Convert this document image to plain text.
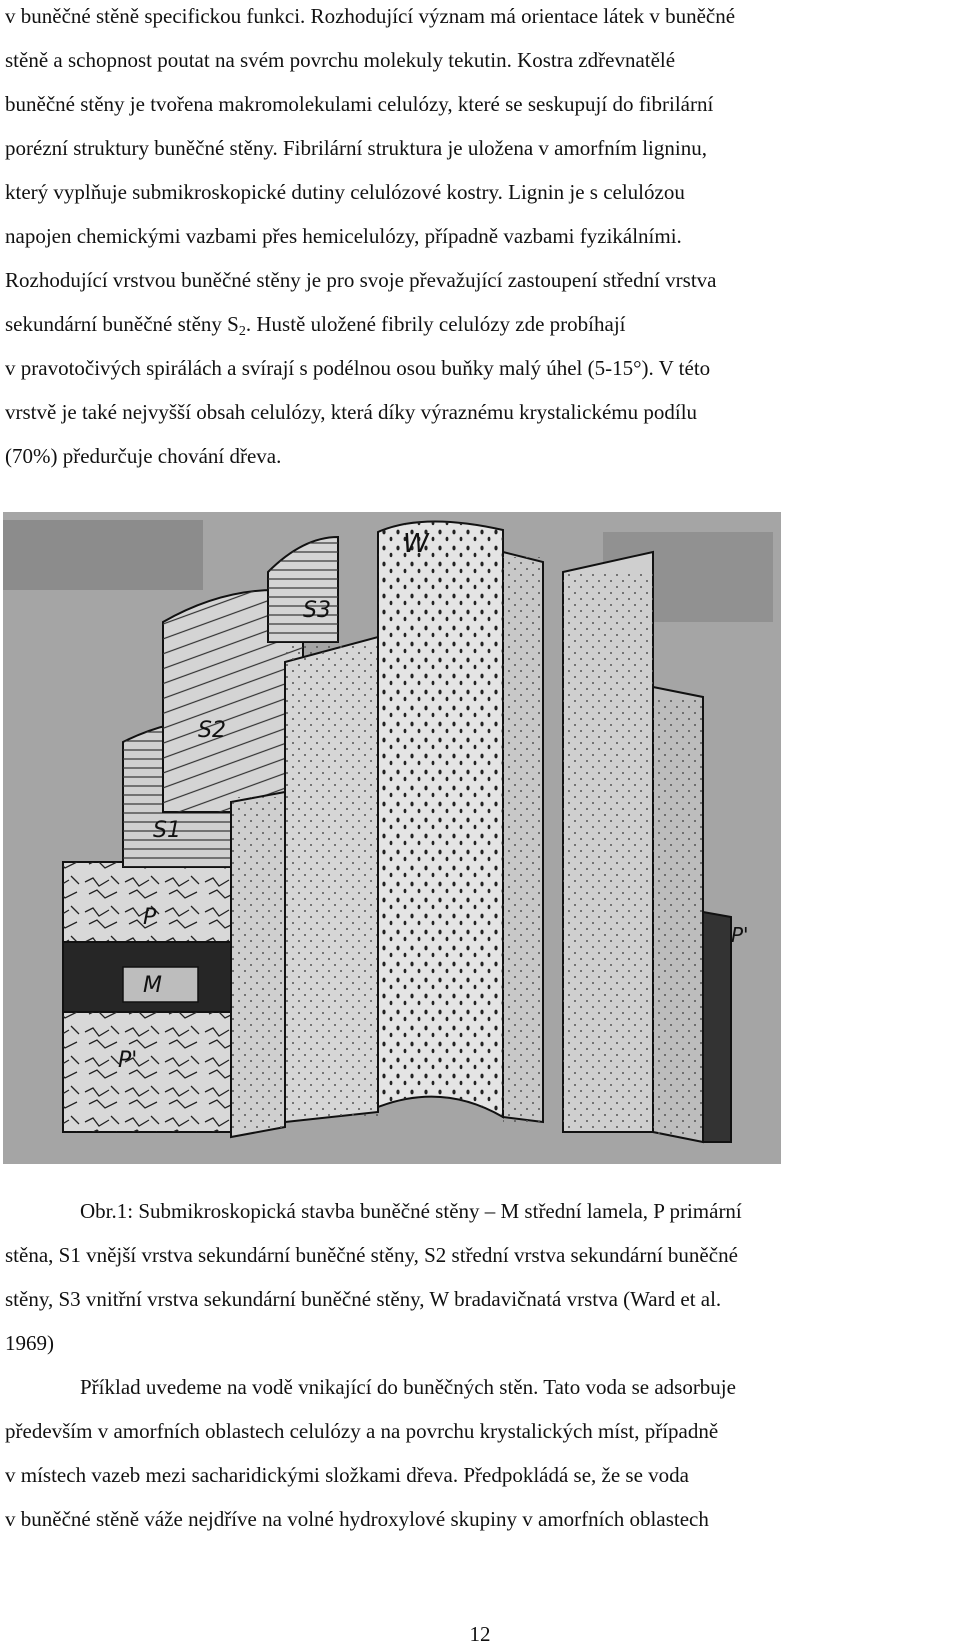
v buněčné stěně specifickou funkci. Rozhodující význam má orientace látek v buněčné
stěně a schopnost poutat na svém povrchu molekuly tekutin. Kostra zdřevnatělé
buněčné stěny je tvořena makromolekulami celulózy, které se seskupují do fibrilární
porézní struktury buněčné stěny. Fibrilární struktura je uložena v amorfním ligninu,
který vyplňuje submikroskopické dutiny celulózové kostry. Lignin je s celulózou
napojen chemickými vazbami přes hemicelulózy, případně vazbami fyzikálními.
Rozhodující vrstvou buněčné stěny je pro svoje převažující zastoupení střední vrstva
sekundární buněčné stěny $S_2$. Hustě uložené fibrily celulózy zde probíhají
v pravotočivých spirálách a svírají s podélnou osou buňky malý úhel (5-15°). V této
vrstvě je také nejvyšší obsah celulózy, která díky výraznému krystalickému podílu
(70%) předurčuje chování dřeva.
W
S3
S2
S1
P
M
P'
P'
Obr.1: Submikroskopická stavba buněčné stěny – M střední lamela, P primární
stěna, S1 vnější vrstva sekundární buněčné stěny, S2 střední vrstva sekundární buněčné
stěny, S3 vnitřní vrstva sekundární buněčné stěny, W bradavičnatá vrstva (Ward et al.
1969)
Příklad uvedeme na vodě vnikající do buněčných stěn. Tato voda se adsorbuje
především v amorfních oblastech celulózy a na povrchu krystalických míst, případně
v místech vazeb mezi sacharidickými složkami dřeva. Předpokládá se, že se voda
v buněčné stěně váže nejdříve na volné hydroxylové skupiny v amorfních oblastech
12
